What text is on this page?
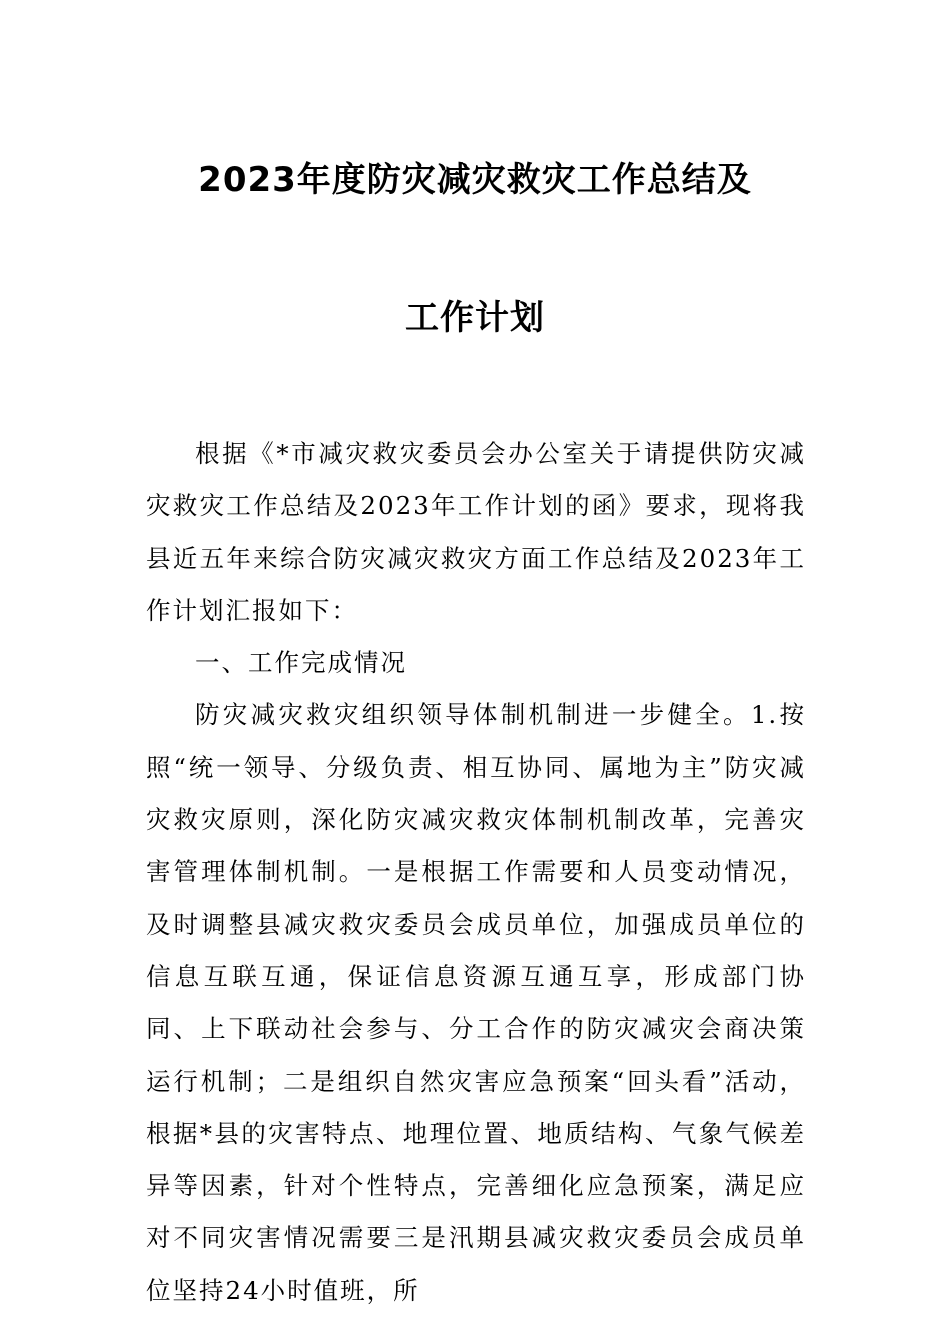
2023年度防灾减灾救灾工作总结及
工作计划

根据《*市减灾救灾委员会办公室关于请提供防灾减灾救灾工作总结及2023年工作计划的函》要求，现将我县近五年来综合防灾减灾救灾方面工作总结及2023年工作计划汇报如下：

一、工作完成情况

防灾减灾救灾组织领导体制机制进一步健全。1.按照“统一领导、分级负责、相互协同、属地为主”防灾减灾救灾原则，深化防灾减灾救灾体制机制改革，完善灾害管理体制机制。一是根据工作需要和人员变动情况，及时调整县减灾救灾委员会成员单位，加强成员单位的信息互联互通，保证信息资源互通互享，形成部门协同、上下联动社会参与、分工合作的防灾减灾会商决策运行机制；二是组织自然灾害应急预案“回头看”活动，根据*县的灾害特点、地理位置、地质结构、气象气候差异等因素，针对个性特点，完善细化应急预案，满足应对不同灾害情况需要三是汛期县减灾救灾委员会成员单位坚持24小时值班，所
